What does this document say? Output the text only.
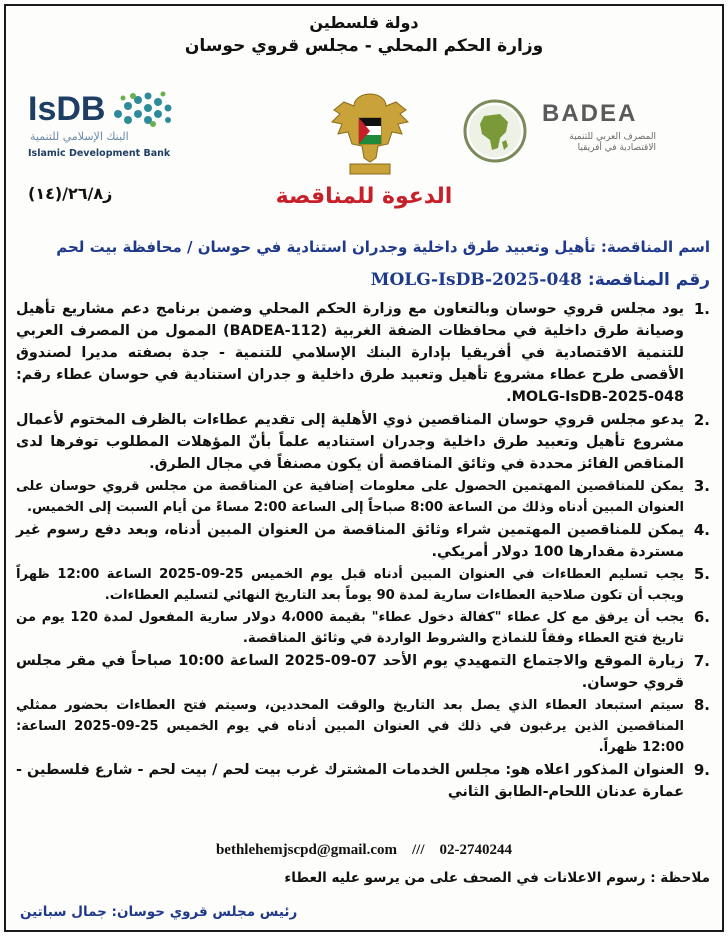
دولة فلسطين
وزارة الحكم المحلي - مجلس قروي حوسان
BADEA
المصرف العربي للتنمية الاقتصادية في أفريقيا
IsDB
البنك الإسلامي للتنمية
Islamic Development Bank
ز٢٦/٨/(١٤)	الدعوة للمناقصة
اسم المناقصة: تأهيل وتعبيد طرق داخلية وجدران استنادية في حوسان / محافظة بيت لحم
رقم المناقصة: MOLG-IsDB-2025-048
.1
يود مجلس قروي حوسان وبالتعاون مع وزارة الحكم المحلي وضمن برنامج دعم مشاريع تأهيل وصيانة طرق داخلية في محافظات الضفة الغربية (BADEA-112) الممول من المصرف العربي للتنمية الاقتصادية في أفريقيا بإدارة البنك الإسلامي للتنمية - جدة بصفته مديرا لصندوق الأقصى طرح عطاء مشروع تأهيل وتعبيد طرق داخلية و جدران استنادية في حوسان عطاء رقم: MOLG-IsDB-2025-048.
.2
يدعو مجلس قروي حوسان المناقصين ذوي الأهلية إلى تقديم عطاءات بالظرف المختوم لأعمال مشروع تأهيل وتعبيد طرق داخلية وجدران استناديه علماً بأنّ المؤهلات المطلوب توفرها لدى المناقص الفائز محددة في وثائق المناقصة أن يكون مصنفاً في مجال الطرق.
.3
يمكن للمناقصين المهتمين الحصول على معلومات إضافية عن المناقصة من مجلس قروي حوسان على العنوان المبين أدناه وذلك من الساعة 8:00 صباحاً إلى الساعة 2:00 مساءً من أيام السبت إلى الخميس.
.4
يمكن للمناقصين المهتمين شراء وثائق المناقصة من العنوان المبين أدناه، وبعد دفع رسوم غير مستردة مقدارها 100 دولار أمريكي.
.5
يجب تسليم العطاءات في العنوان المبين أدناه قبل يوم الخميس 25-09-2025 الساعة 12:00 ظهراً ويجب أن تكون صلاحية العطاءات سارية لمدة 90 يوماً بعد التاريخ النهائي لتسليم العطاءات.
.6
يجب أن يرفق مع كل عطاء "كفالة دخول عطاء" بقيمة 4،000 دولار سارية المفعول لمدة 120 يوم من تاريخ فتح العطاء وفقاً للنماذج والشروط الواردة في وثائق المناقصة.
.7
زيارة الموقع والاجتماع التمهيدي يوم الأحد 07-09-2025 الساعة 10:00 صباحاً في مقر مجلس قروي حوسان.
.8
سيتم استبعاد العطاء الذي يصل بعد التاريخ والوقت المحددين، وسيتم فتح العطاءات بحضور ممثلي المناقصين الذين يرغبون في ذلك في العنوان المبين أدناه في يوم الخميس 25-09-2025 الساعة: 12:00 ظهراً.
.9
العنوان المذكور اعلاه هو: مجلس الخدمات المشترك غرب بيت لحم / بيت لحم - شارع فلسطين - عمارة عدنان اللحام-الطابق الثاني
bethlehemjscpd@gmail.com /// 02-2740244
ملاحظة : رسوم الاعلانات في الصحف على من يرسو عليه العطاء
رئيس مجلس قروي حوسان: جمال سباتين
